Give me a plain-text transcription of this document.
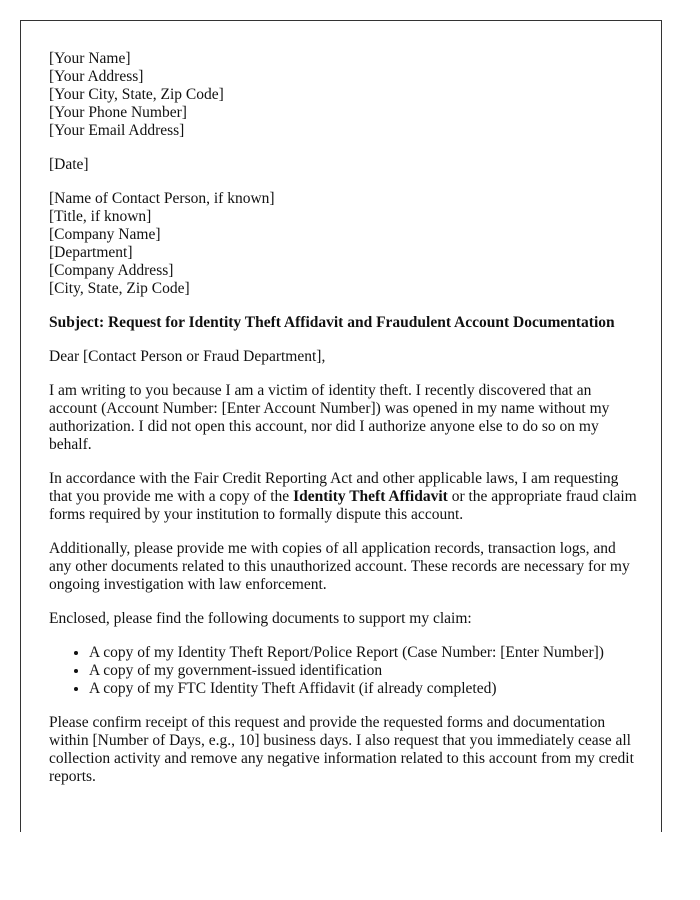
[Your Name]
[Your Address]
[Your City, State, Zip Code]
[Your Phone Number]
[Your Email Address]
[Date]
[Name of Contact Person, if known]
[Title, if known]
[Company Name]
[Department]
[Company Address]
[City, State, Zip Code]
Subject: Request for Identity Theft Affidavit and Fraudulent Account Documentation

Dear [Contact Person or Fraud Department],

I am writing to you because I am a victim of identity theft. I recently discovered that an account (Account Number: [Enter Account Number]) was opened in my name without my authorization. I did not open this account, nor did I authorize anyone else to do so on my behalf.

In accordance with the Fair Credit Reporting Act and other applicable laws, I am requesting that you provide me with a copy of the Identity Theft Affidavit or the appropriate fraud claim forms required by your institution to formally dispute this account.

Additionally, please provide me with copies of all application records, transaction logs, and any other documents related to this unauthorized account. These records are necessary for my ongoing investigation with law enforcement.

Enclosed, please find the following documents to support my claim:

• A copy of my Identity Theft Report/Police Report (Case Number: [Enter Number])
• A copy of my government-issued identification
• A copy of my FTC Identity Theft Affidavit (if already completed)

Please confirm receipt of this request and provide the requested forms and documentation within [Number of Days, e.g., 10] business days. I also request that you immediately cease all collection activity and remove any negative information related to this account from my credit reports.
